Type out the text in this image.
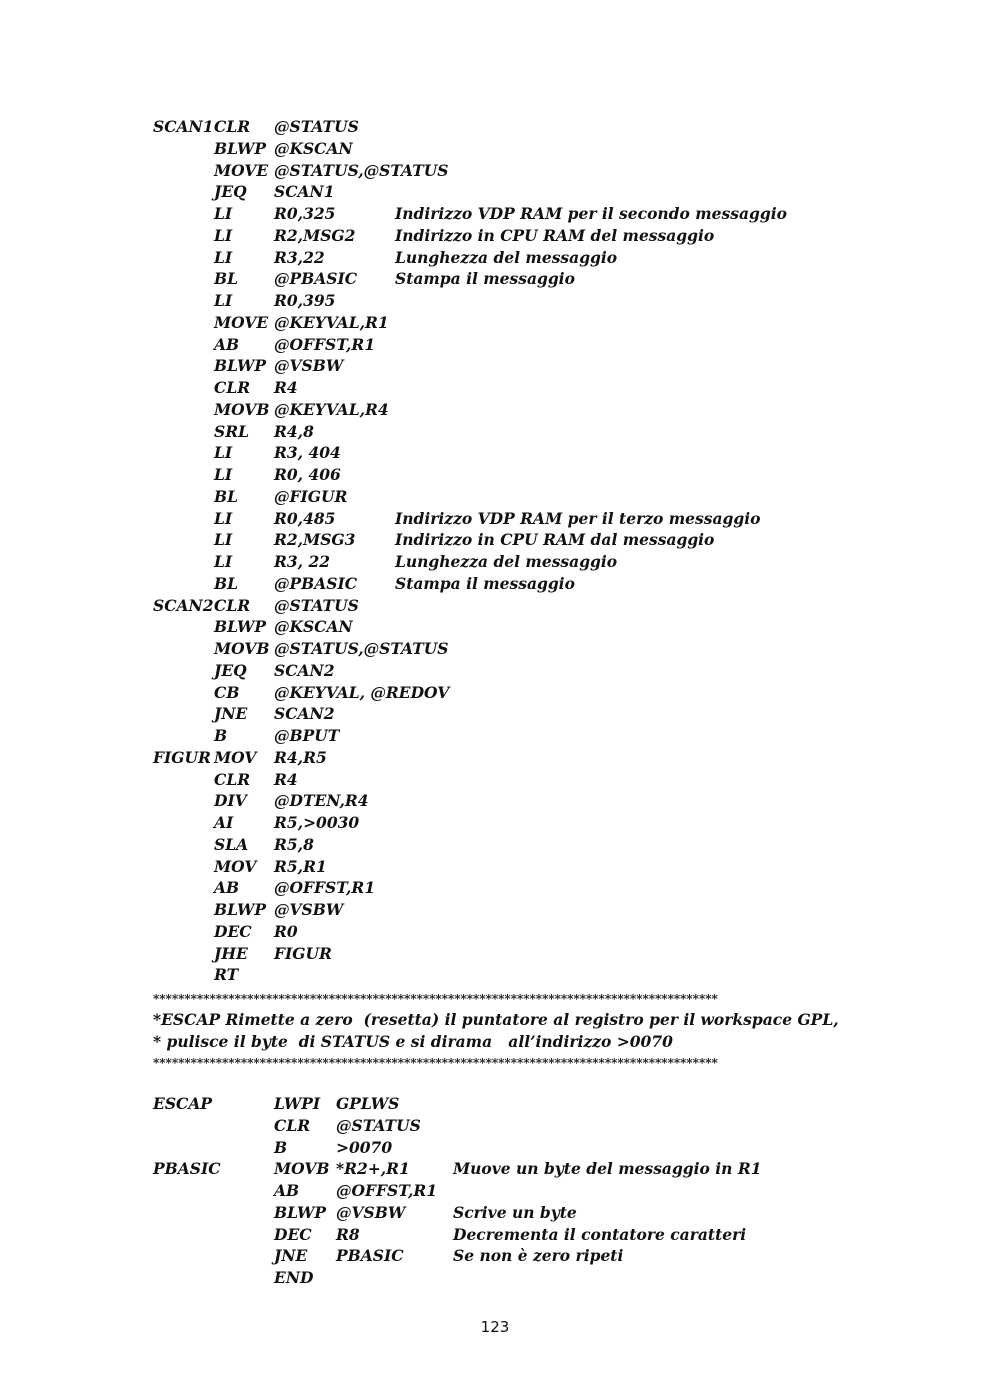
SCAN1 CLR @STATUS
BLWP @KSCAN
MOVE @STATUS,@STATUS
JEQ SCAN1
LI	R0,325	Indirizzo VDP RAM per il secondo messaggio
LI	R2,MSG2	Indirizzo in CPU RAM del messaggio
LI	R3,22	Lunghezza del messaggio
BL @PBASIC Stampa il messaggio
LI	R0,395
MOVE @KEYVAL,R1
AB @OFFST,R1
BLWP @VSBW
CLR R4
MOVB @KEYVAL,R4
SRL R4,8
LI	R3, 404
LI	R0, 406
BL @FIGUR
LI	R0,485	Indirizzo VDP RAM per il terzo messaggio
LI	R2,MSG3	Indirizzo in CPU RAM dal messaggio
LI	R3, 22	Lunghezza del messaggio
BL @PBASIC Stampa il messaggio
SCAN2 CLR @STATUS
BLWP @KSCAN
MOVB @STATUS,@STATUS
JEQ SCAN2
CB @KEYVAL, @REDOV
JNE SCAN2
B	@BPUT
FIGUR MOV R4,R5
CLR R4
DIV @DTEN,R4
AI	R5,>0030
SLA R5,8
MOV R5,R1
AB @OFFST,R1
BLWP @VSBW
DEC R0
JHE FIGUR
RT
******************************************************************************************
*ESCAP Rimette a zero  (resetta) il puntatore al registro per il workspace GPL,
* pulisce il byte  di STATUS e si dirama   all’indirizzo >0070
******************************************************************************************
ESCAP	LWPI GPLWS
CLR @STATUS
B	>0070
PBASIC	MOVB *R2+,R1	Muove un byte del messaggio in R1
AB @OFFST,R1
BLWP @VSBW	Scrive un byte
DEC R8	Decrementa il contatore caratteri
JNE PBASIC	Se non è zero ripeti
END
123
